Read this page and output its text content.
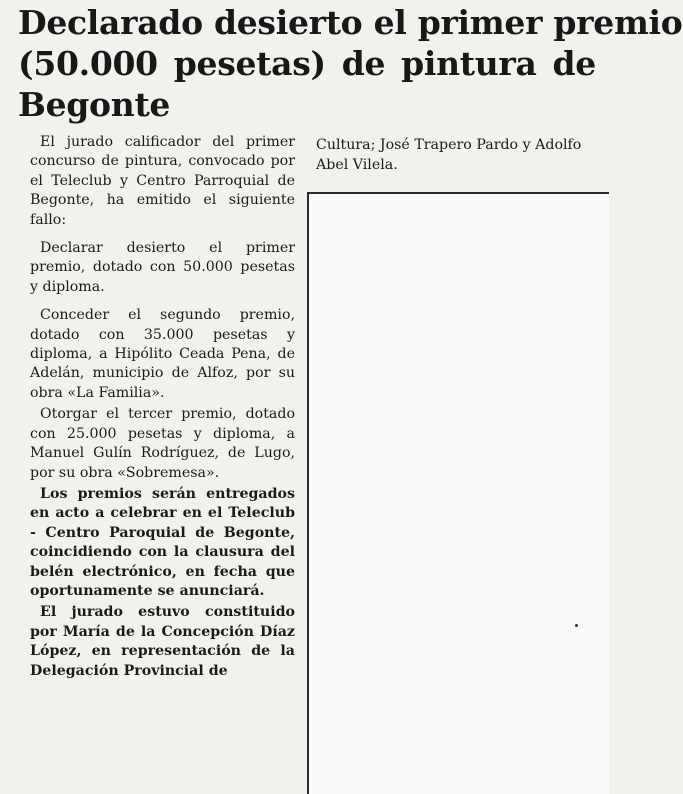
Declarado desierto el primer premio
(50.000 pesetas) de pintura de
Begonte

El jurado calificador del primer concurso de pintura, convocado por el Teleclub y Centro Parroquial de Begonte, ha emitido el siguiente fallo:

Declarar desierto el primer premio, dotado con 50.000 pesetas y diploma.

Conceder el segundo premio, dotado con 35.000 pesetas y diploma, a Hipólito Ceada Pena, de Adelán, municipio de Alfoz, por su obra «La Familia».

Otorgar el tercer premio, dotado con 25.000 pesetas y diploma, a Manuel Gulín Rodríguez, de Lugo, por su obra «Sobremesa».

Los premios serán entregados en acto a celebrar en el Teleclub - Centro Paroquial de Begonte, coincidiendo con la clausura del belén electrónico, en fecha que oportunamente se anunciará.

El jurado estuvo constituido por María de la Concepción Díaz López, en representación de la Delegación Provincial de

Cultura; José Trapero Pardo y Adolfo Abel Vilela.
